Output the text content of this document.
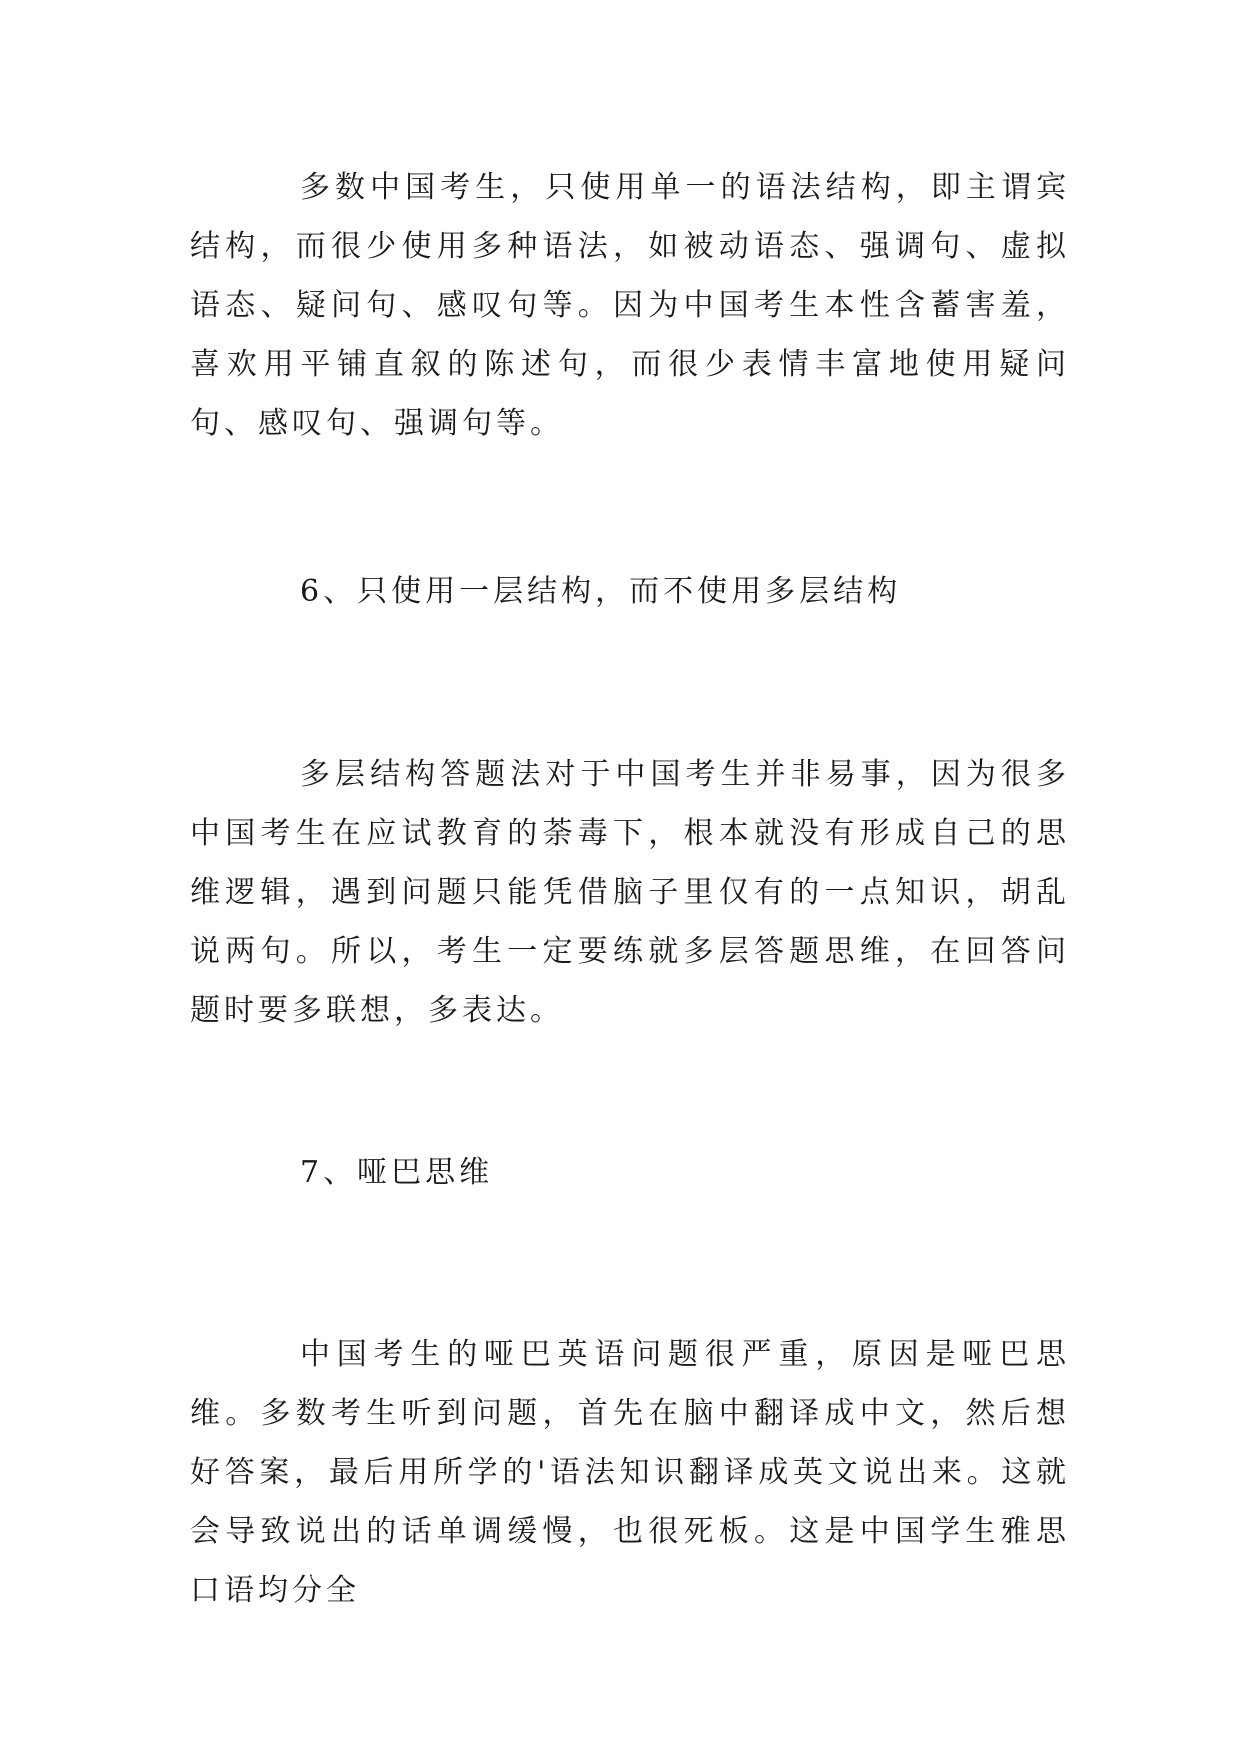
多数中国考生，只使用单一的语法结构，即主谓宾结构，而很少使用多种语法，如被动语态、强调句、虚拟语态、疑问句、感叹句等。因为中国考生本性含蓄害羞，喜欢用平铺直叙的陈述句，而很少表情丰富地使用疑问句、感叹句、强调句等。

6、只使用一层结构，而不使用多层结构

多层结构答题法对于中国考生并非易事，因为很多中国考生在应试教育的荼毒下，根本就没有形成自己的思维逻辑，遇到问题只能凭借脑子里仅有的一点知识，胡乱说两句。所以，考生一定要练就多层答题思维，在回答问题时要多联想，多表达。

7、哑巴思维

中国考生的哑巴英语问题很严重，原因是哑巴思维。多数考生听到问题，首先在脑中翻译成中文，然后想好答案，最后用所学的'语法知识翻译成英文说出来。这就会导致说出的话单调缓慢，也很死板。这是中国学生雅思口语均分全
